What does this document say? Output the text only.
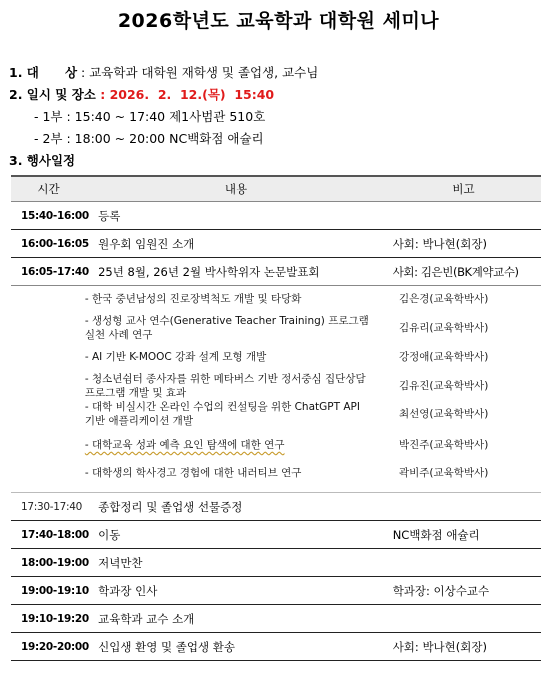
2026학년도 교육학과 대학원 세미나
1. 대      상 : 교육학과 대학원 재학생 및 졸업생, 교수님
2. 일시 및 장소 : 2026.  2.  12.(목)  15:40
- 1부 : 15:40 ~ 17:40 제1사범관 510호
- 2부 : 18:00 ~ 20:00 NC백화점 애슐리
3. 행사일정
시간	내용	비고
15:40-16:00 등록
16:00-16:05 원우회 임원진 소개	사회: 박나현(회장)
16:05-17:40 25년 8월, 26년 2월 박사학위자 논문발표회	사회: 김은빈(BK계약교수)
- 한국 중년남성의 진로장벽척도 개발 및 타당화	김은경(교육학박사)
- 생성형 교사 연수(Generative Teacher Training) 프로그램 실천 사례 연구
김유리(교육학박사)
- AI 기반 K-MOOC 강좌 설계 모형 개발	강정애(교육학박사)
- 청소년쉼터 종사자를 위한 메타버스 기반 정서중심 집단상담 프로그램 개발 및 효과
김유진(교육학박사)
- 대학 비실시간 온라인 수업의 컨설팅을 위한 ChatGPT API 기반 애플리케이션 개발
최선영(교육학박사)
- 대학교육 성과 예측 요인 탐색에 대한 연구	박진주(교육학박사)
- 대학생의 학사경고 경험에 대한 내러티브 연구	곽비주(교육학박사)
17:30-17:40	종합정리 및 졸업생 선물증정
17:40-18:00 이동	NC백화점 애슐리
18:00-19:00 저녁만찬
19:00-19:10 학과장 인사	학과장: 이상수교수
19:10-19:20 교육학과 교수 소개
19:20-20:00 신입생 환영 및 졸업생 환송	사회: 박나현(회장)
